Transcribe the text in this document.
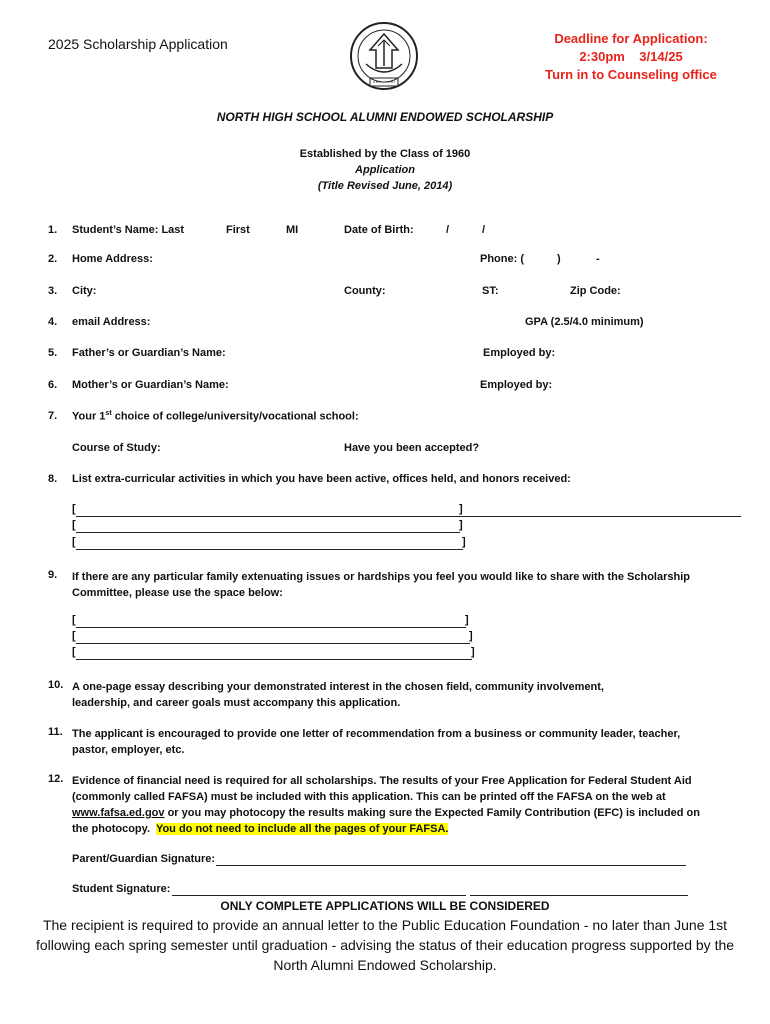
2025 Scholarship Application	Deadline for Application:
2:30pm    3/14/25
Turn in to Counseling office
NORTH HIGH SCHOOL ALUMNI ENDOWED SCHOLARSHIP
Established by the Class of 1960
Application
(Title Revised June, 2014)
1. Student’s Name: Last	First	MI	Date of Birth:	/	/
2. Home Address:	Phone: (	)	-
3. City:	County:	ST:	Zip Code:
4. email Address:	GPA (2.5/4.0 minimum)
5. Father’s or Guardian’s Name:	Employed by:
6. Mother’s or Guardian’s Name:	Employed by:
7. Your 1st choice of college/university/vocational school:
Course of Study:	Have you been accepted?
8. List extra-curricular activities in which you have been active, offices held, and honors received:
[	]
[	]
[	]
9. If there are any particular family extenuating issues or hardships you feel you would like to share with the Scholarship
Committee, please use the space below:
[	]
[	]
[	]
10. A one-page essay describing your demonstrated interest in the chosen field, community involvement,
leadership, and career goals must accompany this application.
11. The applicant is encouraged to provide one letter of recommendation from a business or community leader, teacher,
pastor, employer, etc.
12. Evidence of financial need is required for all scholarships. The results of your Free Application for Federal Student Aid
(commonly called FAFSA) must be included with this application. This can be printed off the FAFSA on the web at
www.fafsa.ed.gov or you may photocopy the results making sure the Expected Family Contribution (EFC) is included on
the photocopy.  You do not need to include all the pages of your FAFSA.
Parent/Guardian Signature:
Student Signature:
ONLY COMPLETE APPLICATIONS WILL BE CONSIDERED
The recipient is required to provide an annual letter to the Public Education Foundation - no later than June 1st
following each spring semester until graduation - advising the status of their education progress supported by the
North Alumni Endowed Scholarship.
